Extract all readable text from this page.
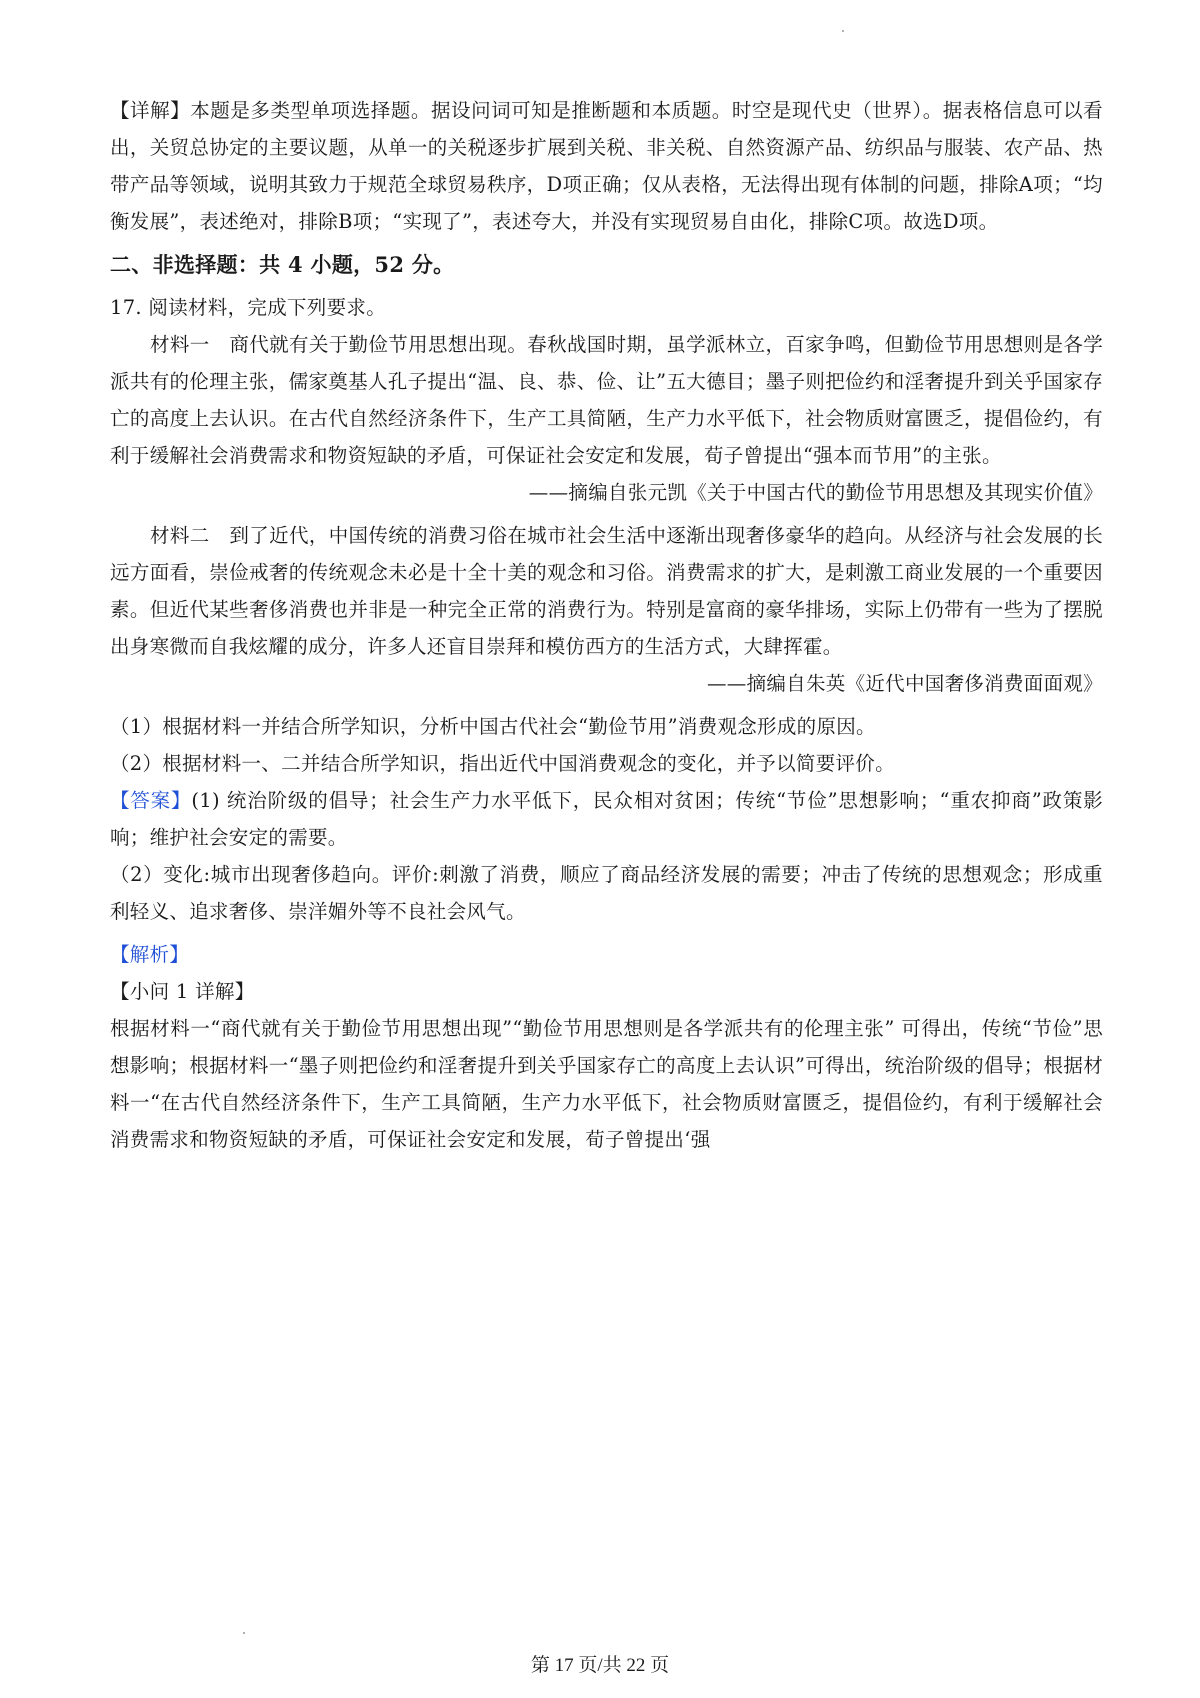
【详解】本题是多类型单项选择题。据设问词可知是推断题和本质题。时空是现代史（世界）。据表格信息可以看出，关贸总协定的主要议题，从单一的关税逐步扩展到关税、非关税、自然资源产品、纺织品与服装、农产品、热带产品等领域，说明其致力于规范全球贸易秩序，D项正确；仅从表格，无法得出现有体制的问题，排除A项；“均衡发展”，表述绝对，排除B项；“实现了”，表述夸大，并没有实现贸易自由化，排除C项。故选D项。

二、非选择题：共 4 小题，52 分。

17. 阅读材料，完成下列要求。

材料一　商代就有关于勤俭节用思想出现。春秋战国时期，虽学派林立，百家争鸣，但勤俭节用思想则是各学派共有的伦理主张，儒家奠基人孔子提出“温、良、恭、俭、让”五大德目；墨子则把俭约和淫奢提升到关乎国家存亡的高度上去认识。在古代自然经济条件下，生产工具简陋，生产力水平低下，社会物质财富匮乏，提倡俭约，有利于缓解社会消费需求和物资短缺的矛盾，可保证社会安定和发展，荀子曾提出“强本而节用”的主张。

——摘编自张元凯《关于中国古代的勤俭节用思想及其现实价值》

材料二　到了近代，中国传统的消费习俗在城市社会生活中逐渐出现奢侈豪华的趋向。从经济与社会发展的长远方面看，崇俭戒奢的传统观念未必是十全十美的观念和习俗。消费需求的扩大，是刺激工商业发展的一个重要因素。但近代某些奢侈消费也并非是一种完全正常的消费行为。特别是富商的豪华排场，实际上仍带有一些为了摆脱出身寒微而自我炫耀的成分，许多人还盲目崇拜和模仿西方的生活方式，大肆挥霍。

——摘编自朱英《近代中国奢侈消费面面观》

（1）根据材料一并结合所学知识，分析中国古代社会“勤俭节用”消费观念形成的原因。

（2）根据材料一、二并结合所学知识，指出近代中国消费观念的变化，并予以简要评价。

【答案】(1) 统治阶级的倡导；社会生产力水平低下，民众相对贫困；传统“节俭”思想影响；“重农抑商”政策影响；维护社会安定的需要。

（2）变化:城市出现奢侈趋向。评价:刺激了消费，顺应了商品经济发展的需要；冲击了传统的思想观念；形成重利轻义、追求奢侈、崇洋媚外等不良社会风气。

【解析】

【小问 1 详解】

根据材料一“商代就有关于勤俭节用思想出现”“勤俭节用思想则是各学派共有的伦理主张” 可得出，传统“节俭”思想影响；根据材料一“墨子则把俭约和淫奢提升到关乎国家存亡的高度上去认识”可得出，统治阶级的倡导；根据材料一“在古代自然经济条件下，生产工具简陋，生产力水平低下，社会物质财富匮乏，提倡俭约，有利于缓解社会消费需求和物资短缺的矛盾，可保证社会安定和发展，荀子曾提出‘强

第 17 页/共 22 页
